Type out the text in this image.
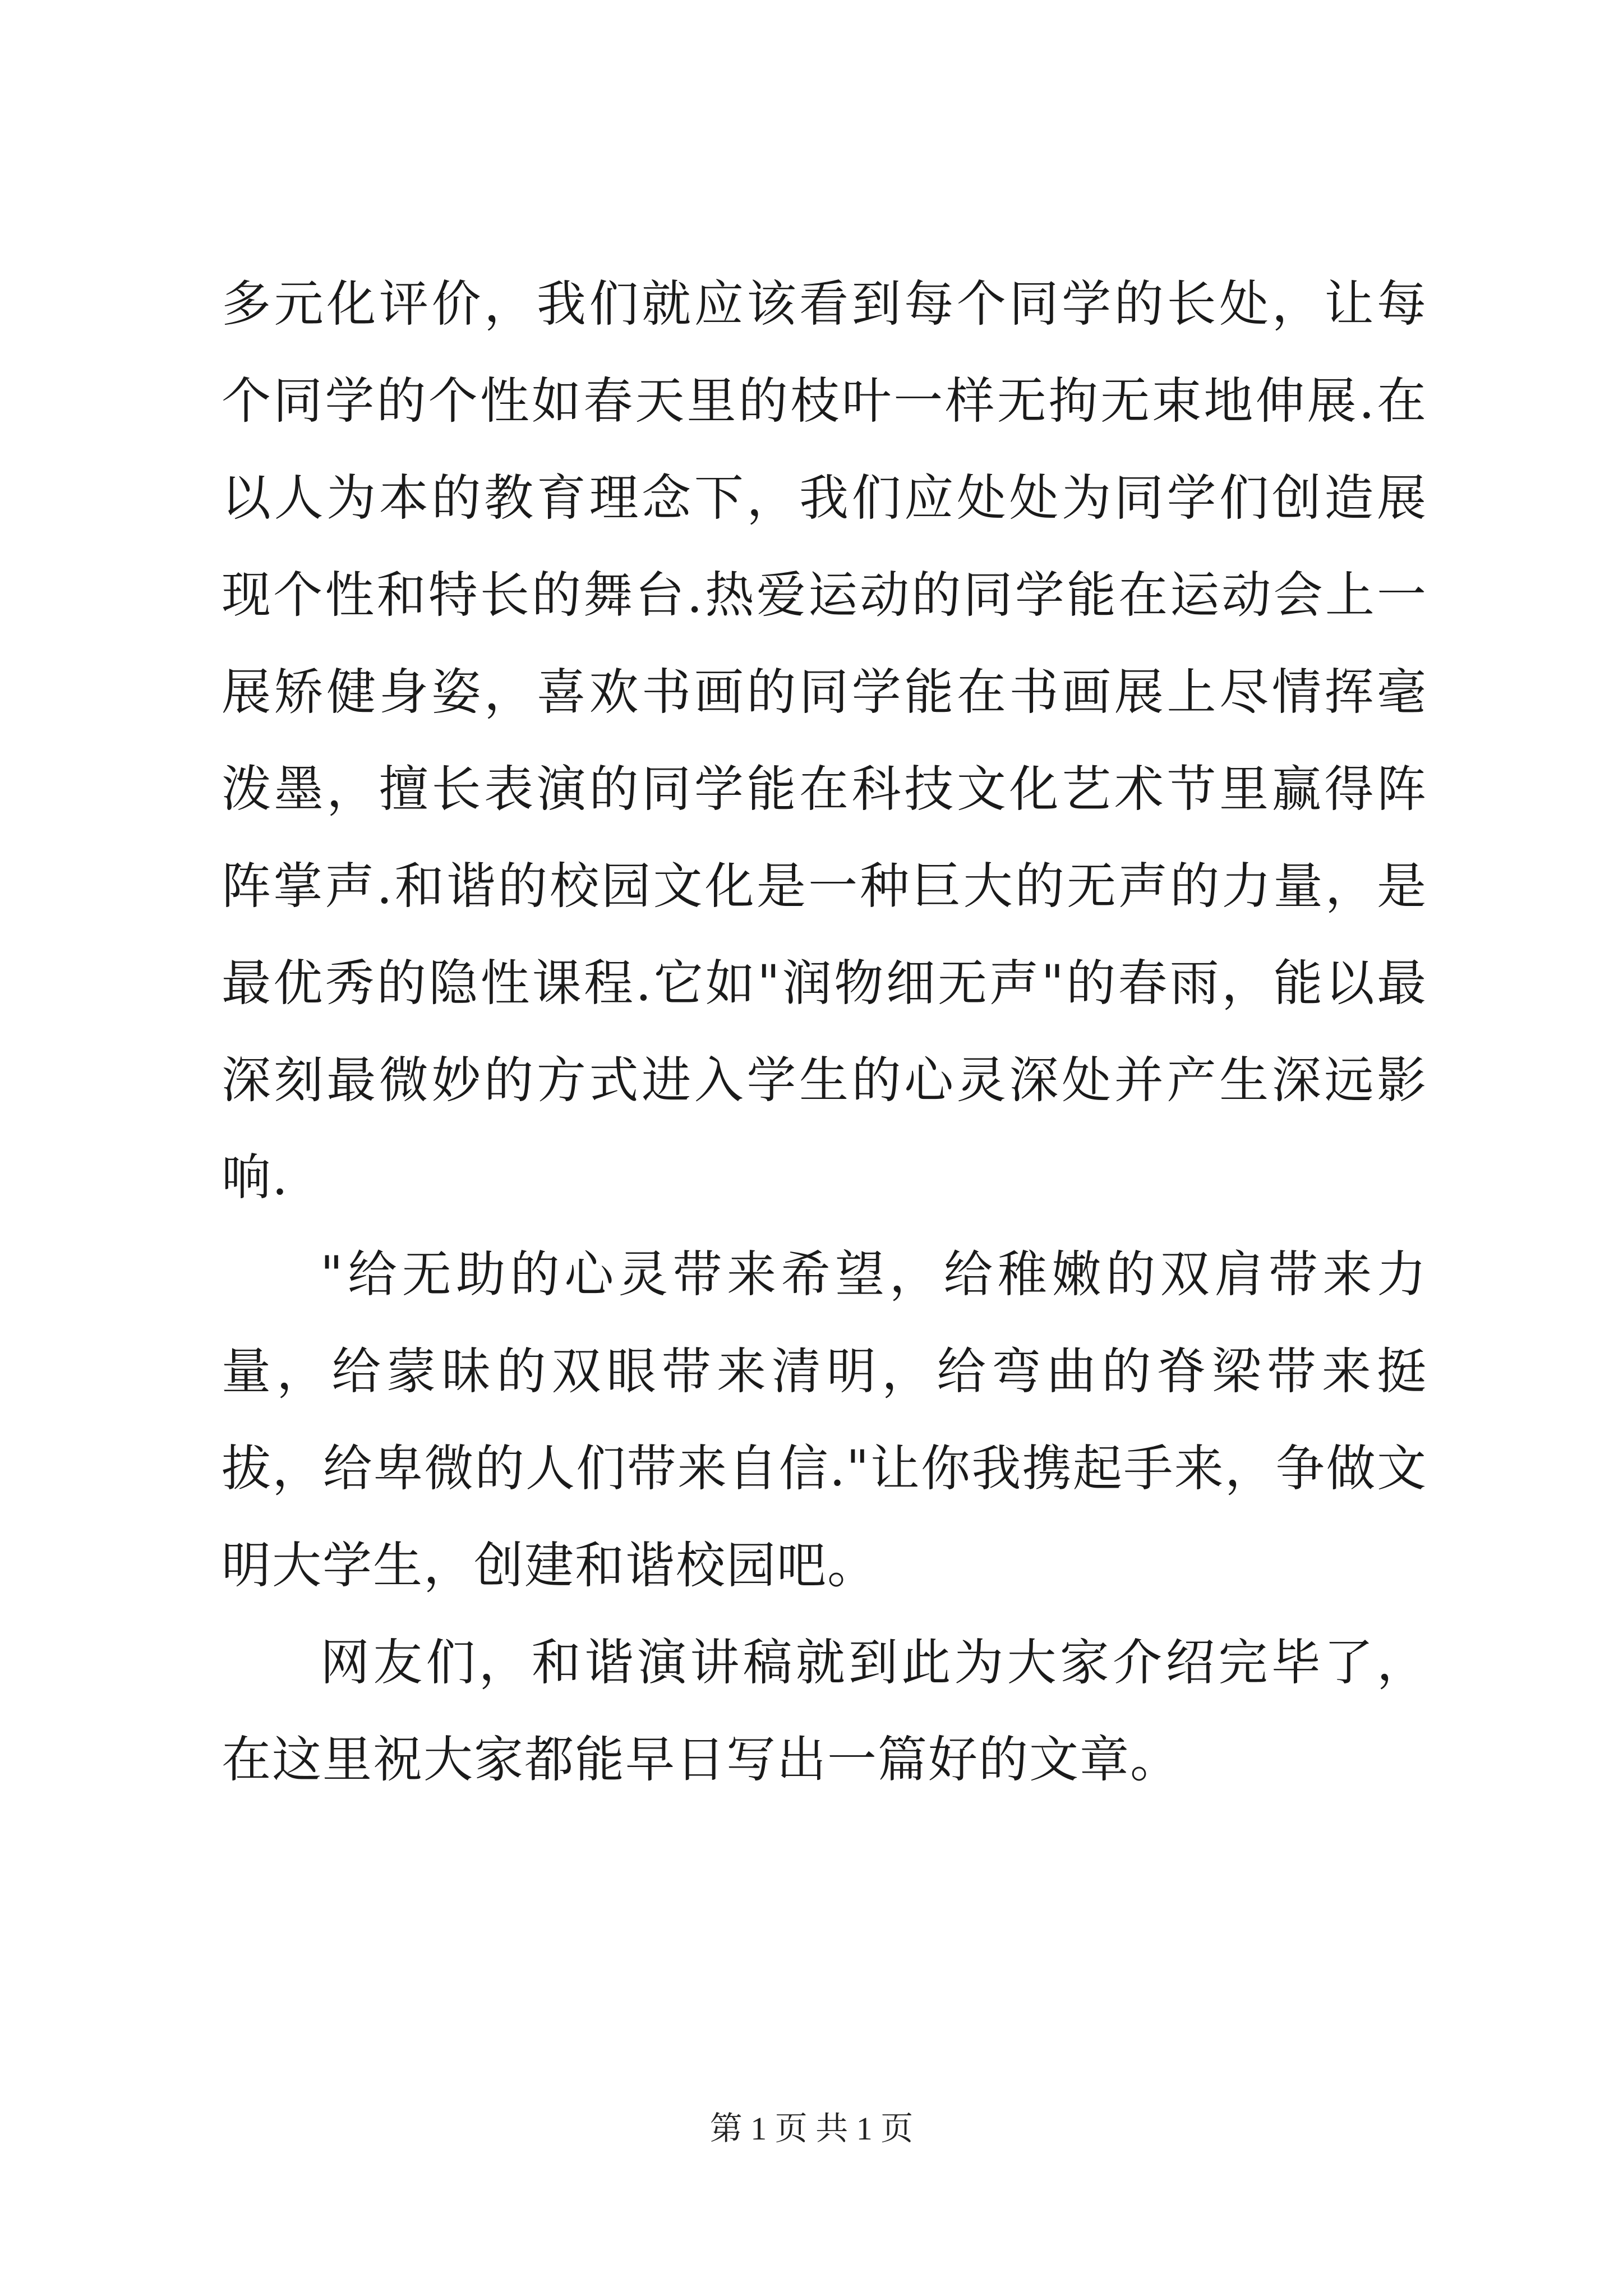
多元化评价，我们就应该看到每个同学的长处，让每个同学的个性如春天里的枝叶一样无拘无束地伸展.在以人为本的教育理念下，我们应处处为同学们创造展现个性和特长的舞台.热爱运动的同学能在运动会上一展矫健身姿，喜欢书画的同学能在书画展上尽情挥毫泼墨，擅长表演的同学能在科技文化艺术节里赢得阵阵掌声.和谐的校园文化是一种巨大的无声的力量，是最优秀的隐性课程.它如"润物细无声"的春雨，能以最深刻最微妙的方式进入学生的心灵深处并产生深远影响.

"给无助的心灵带来希望，给稚嫩的双肩带来力量，给蒙昧的双眼带来清明，给弯曲的脊梁带来挺拔，给卑微的人们带来自信."让你我携起手来，争做文明大学生，创建和谐校园吧。

网友们，和谐演讲稿就到此为大家介绍完毕了，在这里祝大家都能早日写出一篇好的文章。

第 1 页 共 1 页
